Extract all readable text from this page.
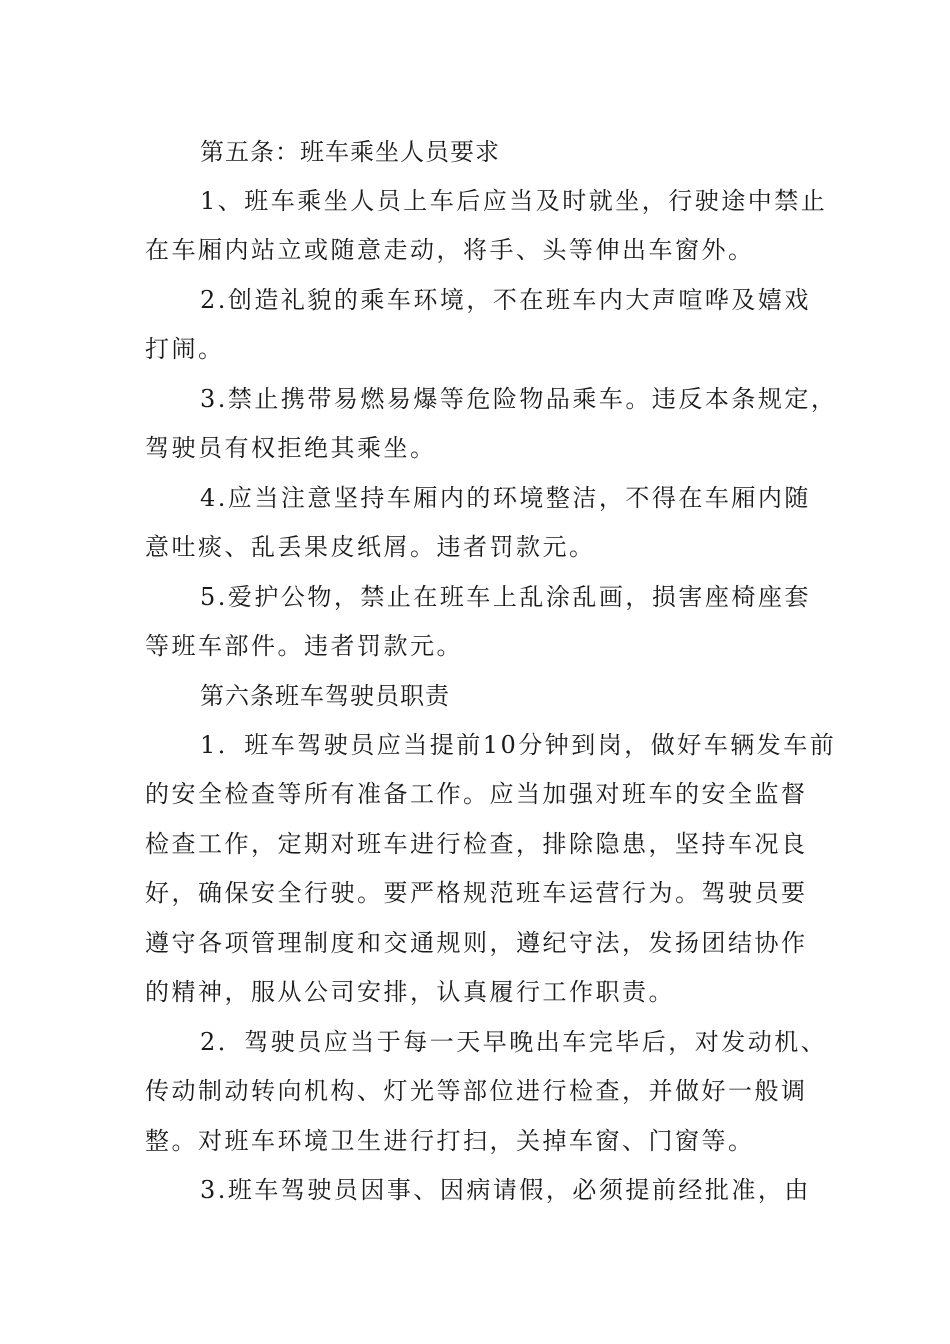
第五条：班车乘坐人员要求
1、班车乘坐人员上车后应当及时就坐，行驶途中禁止
在车厢内站立或随意走动，将手、头等伸出车窗外。
2.创造礼貌的乘车环境，不在班车内大声喧哗及嬉戏
打闹。
3.禁止携带易燃易爆等危险物品乘车。违反本条规定，
驾驶员有权拒绝其乘坐。
4.应当注意坚持车厢内的环境整洁，不得在车厢内随
意吐痰、乱丢果皮纸屑。违者罚款元。
5.爱护公物，禁止在班车上乱涂乱画，损害座椅座套
等班车部件。违者罚款元。
第六条班车驾驶员职责
1．班车驾驶员应当提前10分钟到岗，做好车辆发车前
的安全检查等所有准备工作。应当加强对班车的安全监督
检查工作，定期对班车进行检查，排除隐患，坚持车况良
好，确保安全行驶。要严格规范班车运营行为。驾驶员要
遵守各项管理制度和交通规则，遵纪守法，发扬团结协作
的精神，服从公司安排，认真履行工作职责。
2．驾驶员应当于每一天早晚出车完毕后，对发动机、
传动制动转向机构、灯光等部位进行检查，并做好一般调
整。对班车环境卫生进行打扫，关掉车窗、门窗等。
3.班车驾驶员因事、因病请假，必须提前经批准，由
